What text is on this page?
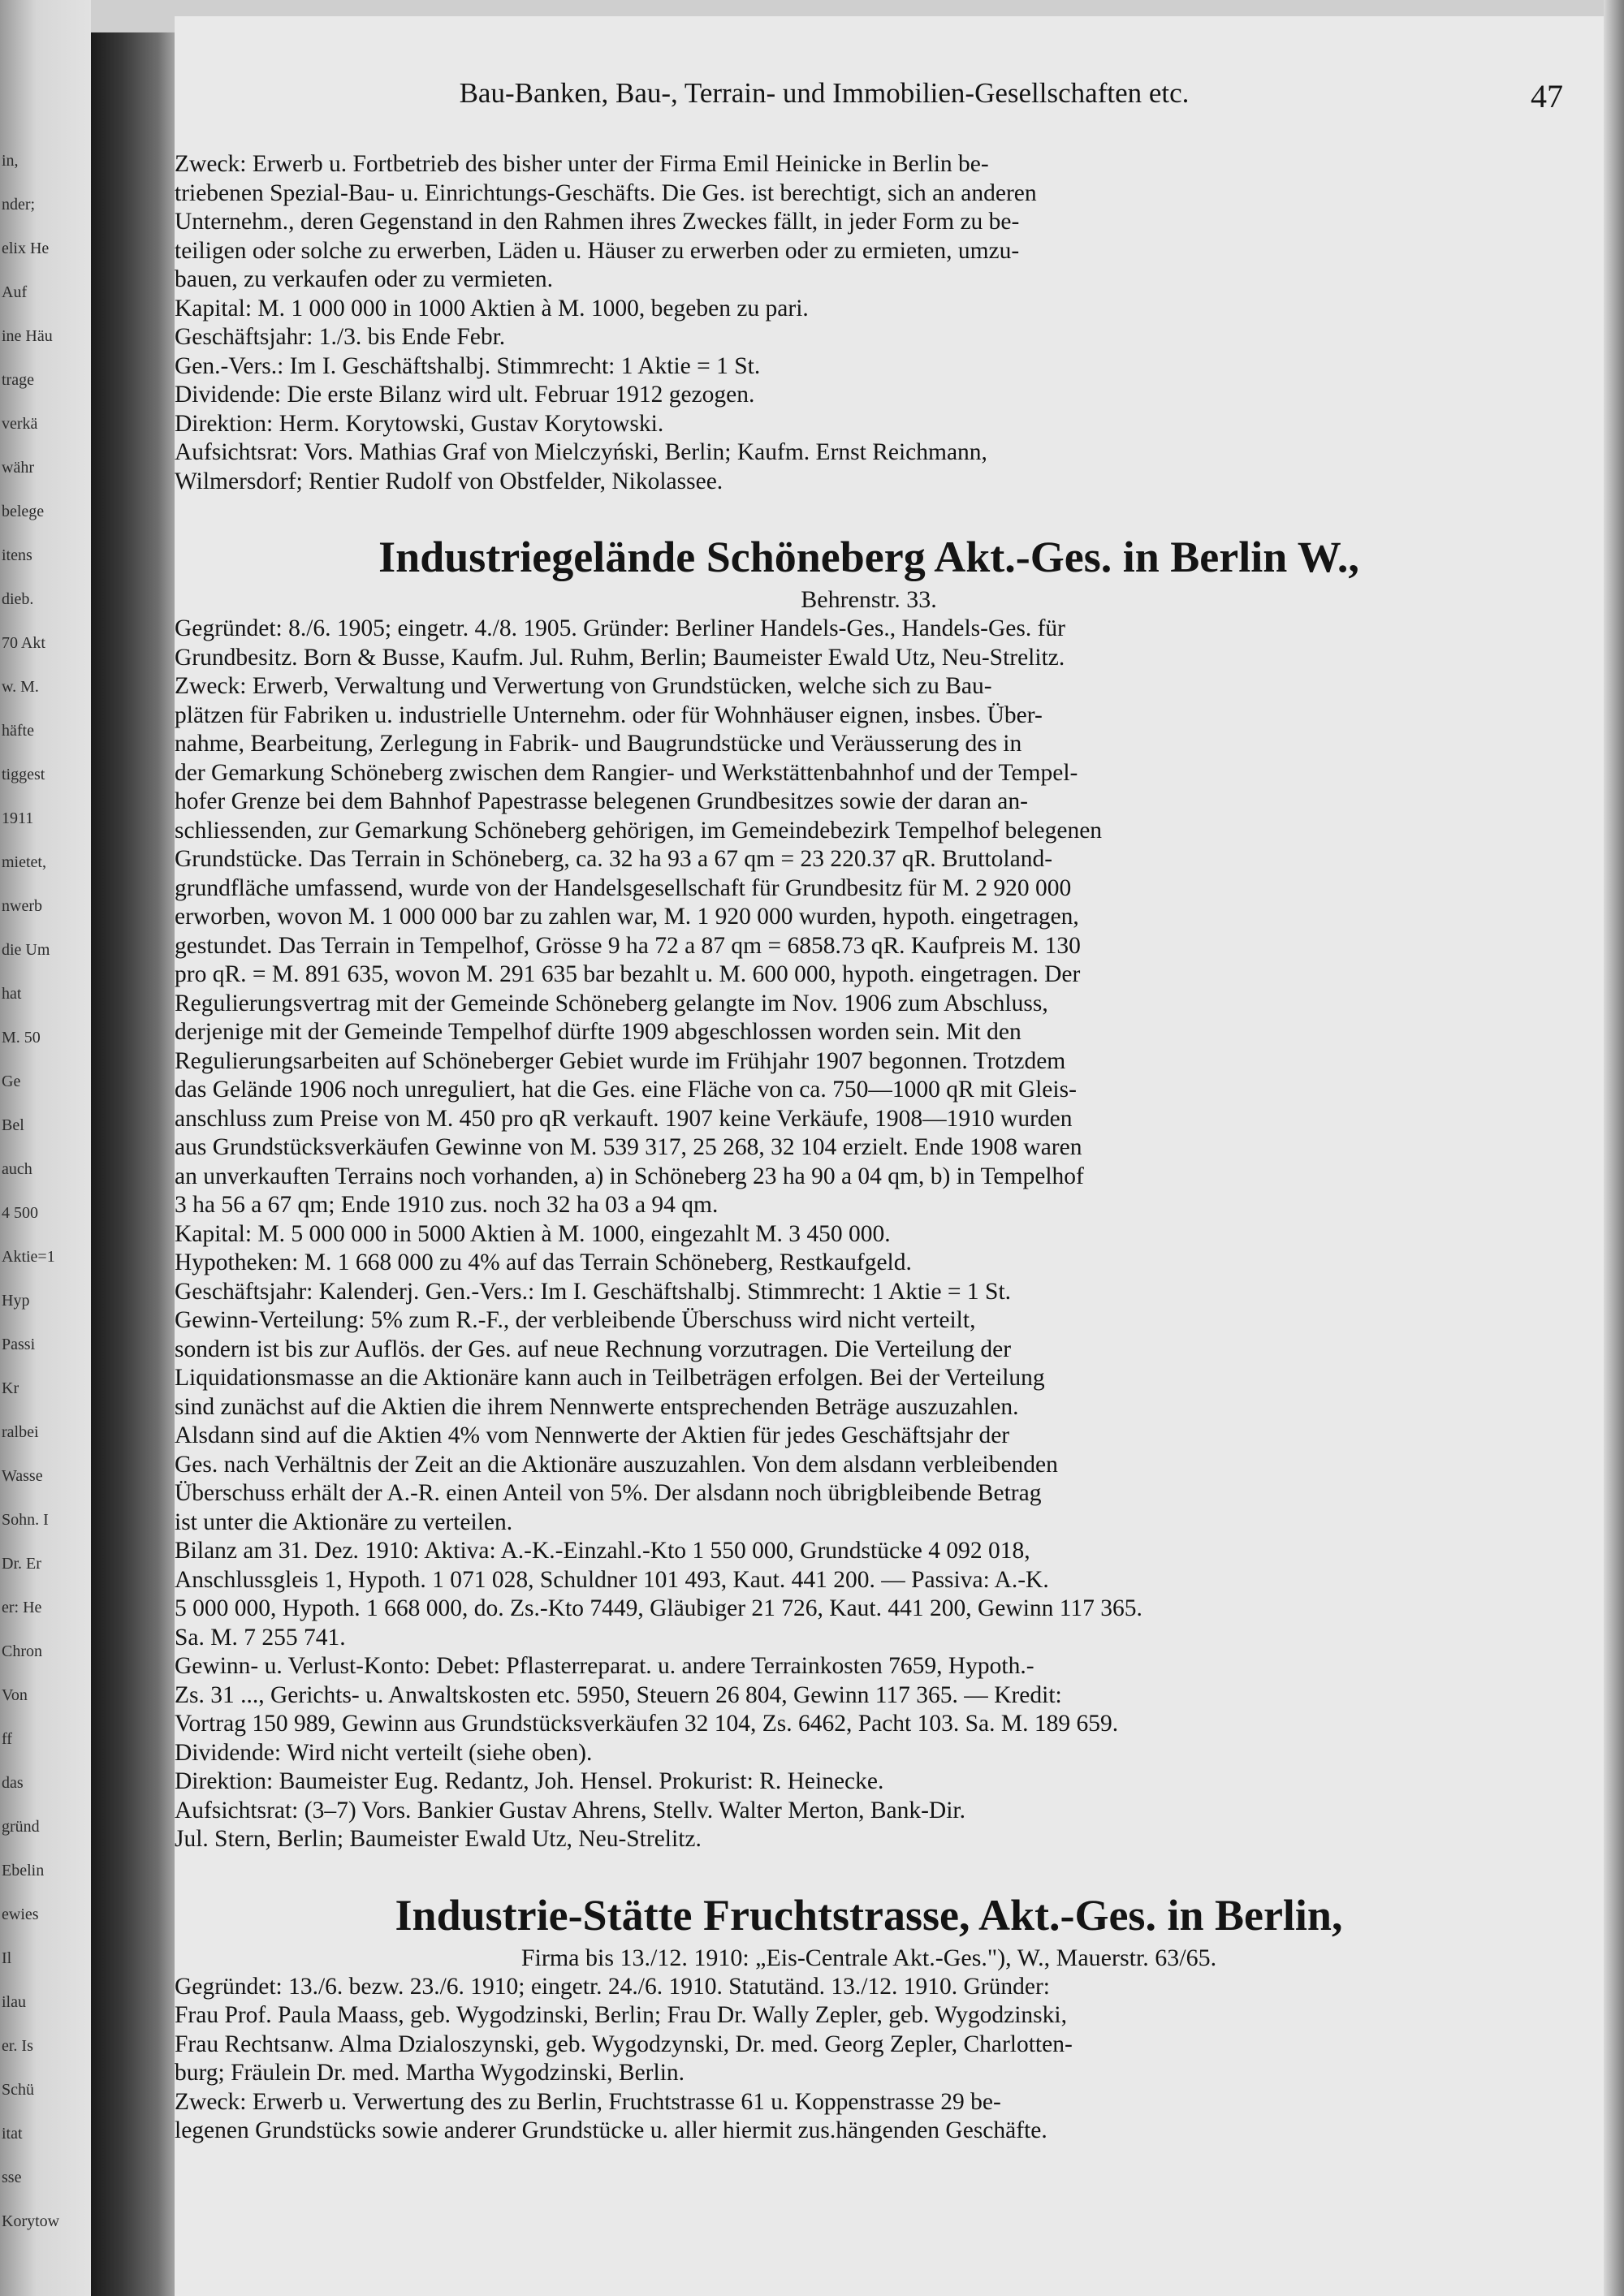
in,
nder;
elix He
Auf
ine Häu
trage
verkä
währ
belege
itens
dieb.
70 Akt
w. M.
häfte
tiggest
1911
mietet,
nwerb
die Um
hat
M. 50
Ge
Bel
auch
4 500
Aktie=1
Hyp
Passi
Kr
ralbei
Wasse
Sohn. I
Dr. Er
er: He
Chron
Von
ff
das
gründ
Ebelin
ewies
Il
ilau
er. Is
Schü
itat
sse
Korytow
Bau-Banken, Bau-, Terrain- und Immobilien-Gesellschaften etc.	47
Zweck: Erwerb u. Fortbetrieb des bisher unter der Firma Emil Heinicke in Berlin be-
triebenen Spezial-Bau- u. Einrichtungs-Geschäfts. Die Ges. ist berechtigt, sich an anderen
Unternehm., deren Gegenstand in den Rahmen ihres Zweckes fällt, in jeder Form zu be-
teiligen oder solche zu erwerben, Läden u. Häuser zu erwerben oder zu ermieten, umzu-
bauen, zu verkaufen oder zu vermieten.
Kapital: M. 1 000 000 in 1000 Aktien à M. 1000, begeben zu pari.
Geschäftsjahr: 1./3. bis Ende Febr.
Gen.-Vers.: Im I. Geschäftshalbj. Stimmrecht: 1 Aktie = 1 St.
Dividende: Die erste Bilanz wird ult. Februar 1912 gezogen.
Direktion: Herm. Korytowski, Gustav Korytowski.
Aufsichtsrat: Vors. Mathias Graf von Mielczyński, Berlin; Kaufm. Ernst Reichmann,
Wilmersdorf; Rentier Rudolf von Obstfelder, Nikolassee.
Industriegelände Schöneberg Akt.-Ges. in Berlin W.,
Behrenstr. 33.
Gegründet: 8./6. 1905; eingetr. 4./8. 1905. Gründer: Berliner Handels-Ges., Handels-Ges. für
Grundbesitz. Born & Busse, Kaufm. Jul. Ruhm, Berlin; Baumeister Ewald Utz, Neu-Strelitz.
Zweck: Erwerb, Verwaltung und Verwertung von Grundstücken, welche sich zu Bau-
plätzen für Fabriken u. industrielle Unternehm. oder für Wohnhäuser eignen, insbes. Über-
nahme, Bearbeitung, Zerlegung in Fabrik- und Baugrundstücke und Veräusserung des in
der Gemarkung Schöneberg zwischen dem Rangier- und Werkstättenbahnhof und der Tempel-
hofer Grenze bei dem Bahnhof Papestrasse belegenen Grundbesitzes sowie der daran an-
schliessenden, zur Gemarkung Schöneberg gehörigen, im Gemeindebezirk Tempelhof belegenen
Grundstücke. Das Terrain in Schöneberg, ca. 32 ha 93 a 67 qm = 23 220.37 qR. Bruttoland-
grundfläche umfassend, wurde von der Handelsgesellschaft für Grundbesitz für M. 2 920 000
erworben, wovon M. 1 000 000 bar zu zahlen war, M. 1 920 000 wurden, hypoth. eingetragen,
gestundet. Das Terrain in Tempelhof, Grösse 9 ha 72 a 87 qm = 6858.73 qR. Kaufpreis M. 130
pro qR. = M. 891 635, wovon M. 291 635 bar bezahlt u. M. 600 000, hypoth. eingetragen. Der
Regulierungsvertrag mit der Gemeinde Schöneberg gelangte im Nov. 1906 zum Abschluss,
derjenige mit der Gemeinde Tempelhof dürfte 1909 abgeschlossen worden sein. Mit den
Regulierungsarbeiten auf Schöneberger Gebiet wurde im Frühjahr 1907 begonnen. Trotzdem
das Gelände 1906 noch unreguliert, hat die Ges. eine Fläche von ca. 750—1000 qR mit Gleis-
anschluss zum Preise von M. 450 pro qR verkauft. 1907 keine Verkäufe, 1908—1910 wurden
aus Grundstücksverkäufen Gewinne von M. 539 317, 25 268, 32 104 erzielt. Ende 1908 waren
an unverkauften Terrains noch vorhanden, a) in Schöneberg 23 ha 90 a 04 qm, b) in Tempelhof
3 ha 56 a 67 qm; Ende 1910 zus. noch 32 ha 03 a 94 qm.
Kapital: M. 5 000 000 in 5000 Aktien à M. 1000, eingezahlt M. 3 450 000.
Hypotheken: M. 1 668 000 zu 4% auf das Terrain Schöneberg, Restkaufgeld.
Geschäftsjahr: Kalenderj. Gen.-Vers.: Im I. Geschäftshalbj. Stimmrecht: 1 Aktie = 1 St.
Gewinn-Verteilung: 5% zum R.-F., der verbleibende Überschuss wird nicht verteilt,
sondern ist bis zur Auflös. der Ges. auf neue Rechnung vorzutragen. Die Verteilung der
Liquidationsmasse an die Aktionäre kann auch in Teilbeträgen erfolgen. Bei der Verteilung
sind zunächst auf die Aktien die ihrem Nennwerte entsprechenden Beträge auszuzahlen.
Alsdann sind auf die Aktien 4% vom Nennwerte der Aktien für jedes Geschäftsjahr der
Ges. nach Verhältnis der Zeit an die Aktionäre auszuzahlen. Von dem alsdann verbleibenden
Überschuss erhält der A.-R. einen Anteil von 5%. Der alsdann noch übrigbleibende Betrag
ist unter die Aktionäre zu verteilen.
Bilanz am 31. Dez. 1910: Aktiva: A.-K.-Einzahl.-Kto 1 550 000, Grundstücke 4 092 018,
Anschlussgleis 1, Hypoth. 1 071 028, Schuldner 101 493, Kaut. 441 200. — Passiva: A.-K.
5 000 000, Hypoth. 1 668 000, do. Zs.-Kto 7449, Gläubiger 21 726, Kaut. 441 200, Gewinn 117 365.
Sa. M. 7 255 741.
Gewinn- u. Verlust-Konto: Debet: Pflasterreparat. u. andere Terrainkosten 7659, Hypoth.-
Zs. 31 ..., Gerichts- u. Anwaltskosten etc. 5950, Steuern 26 804, Gewinn 117 365. — Kredit:
Vortrag 150 989, Gewinn aus Grundstücksverkäufen 32 104, Zs. 6462, Pacht 103. Sa. M. 189 659.
Dividende: Wird nicht verteilt (siehe oben).
Direktion: Baumeister Eug. Redantz, Joh. Hensel. Prokurist: R. Heinecke.
Aufsichtsrat: (3–7) Vors. Bankier Gustav Ahrens, Stellv. Walter Merton, Bank-Dir.
Jul. Stern, Berlin; Baumeister Ewald Utz, Neu-Strelitz.
Industrie-Stätte Fruchtstrasse, Akt.-Ges. in Berlin,
Firma bis 13./12. 1910: „Eis-Centrale Akt.-Ges."), W., Mauerstr. 63/65.
Gegründet: 13./6. bezw. 23./6. 1910; eingetr. 24./6. 1910. Statutänd. 13./12. 1910. Gründer:
Frau Prof. Paula Maass, geb. Wygodzinski, Berlin; Frau Dr. Wally Zepler, geb. Wygodzinski,
Frau Rechtsanw. Alma Dzialoszynski, geb. Wygodzynski, Dr. med. Georg Zepler, Charlotten-
burg; Fräulein Dr. med. Martha Wygodzinski, Berlin.
Zweck: Erwerb u. Verwertung des zu Berlin, Fruchtstrasse 61 u. Koppenstrasse 29 be-
legenen Grundstücks sowie anderer Grundstücke u. aller hiermit zus.hängenden Geschäfte.
